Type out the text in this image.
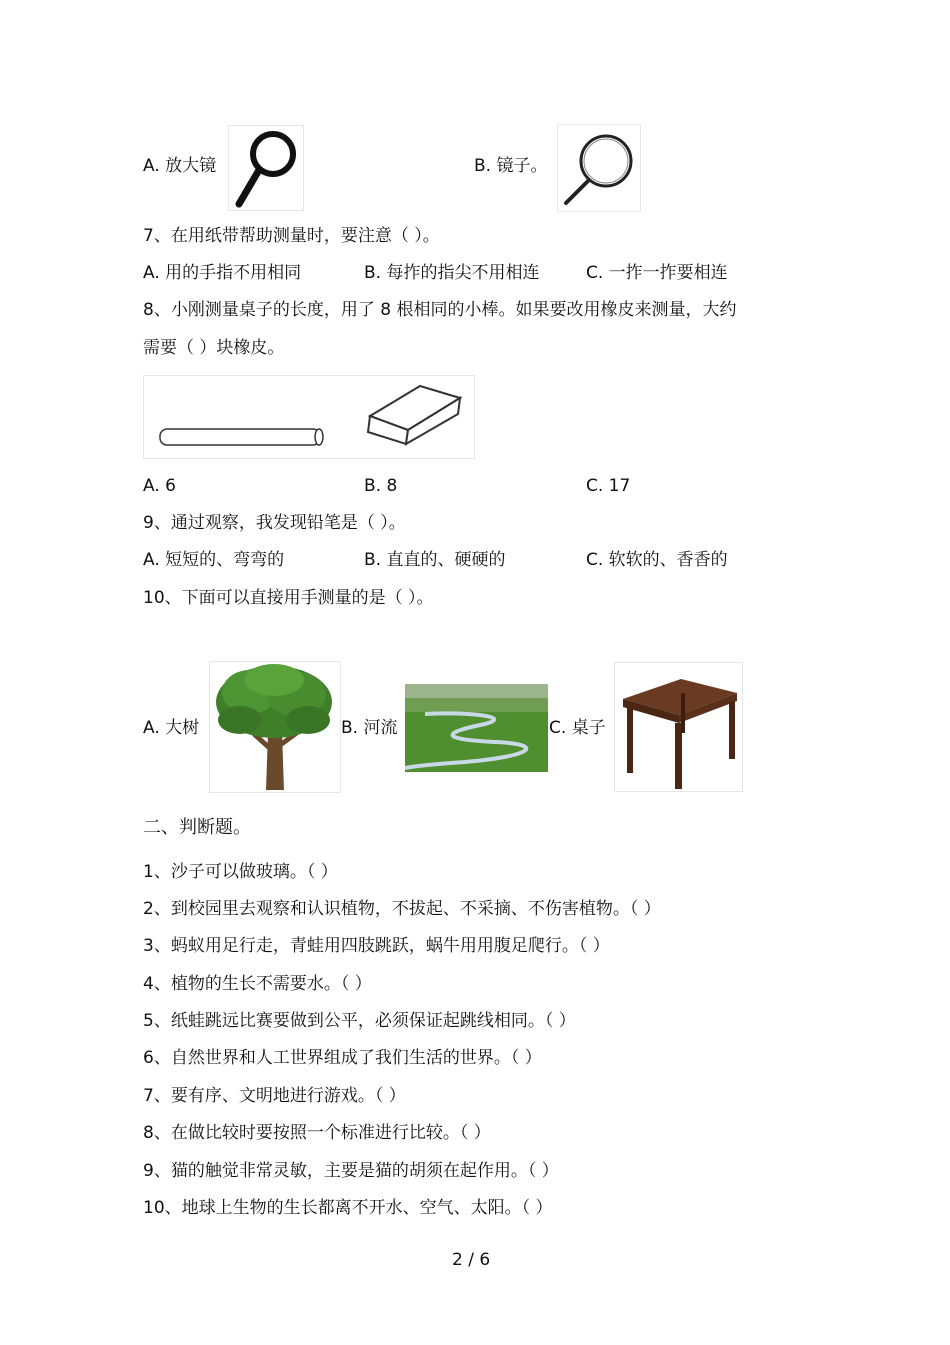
A. 放大镜	B. 镜子。
7、在用纸带帮助测量时，要注意（ ）。
A. 用的手指不用相同	B. 每拃的指尖不用相连	C. 一拃一拃要相连
8、小刚测量桌子的长度，用了 8 根相同的小棒。如果要改用橡皮来测量，大约
需要（ ）块橡皮。
A. 6	B. 8	C. 17
9、通过观察，我发现铅笔是（ ）。
A. 短短的、弯弯的	B. 直直的、硬硬的	C. 软软的、香香的
10、下面可以直接用手测量的是（ ）。
A. 大树	B. 河流	C. 桌子
二、判断题。
1、沙子可以做玻璃。（ ）
2、到校园里去观察和认识植物，不拔起、不采摘、不伤害植物。（ ）
3、蚂蚁用足行走，青蛙用四肢跳跃，蜗牛用用腹足爬行。（ ）
4、植物的生长不需要水。（ ）
5、纸蛙跳远比赛要做到公平，必须保证起跳线相同。（ ）
6、自然世界和人工世界组成了我们生活的世界。（ ）
7、要有序、文明地进行游戏。（ ）
8、在做比较时要按照一个标准进行比较。（ ）
9、猫的触觉非常灵敏，主要是猫的胡须在起作用。（ ）
10、地球上生物的生长都离不开水、空气、太阳。（ ）
2 / 6
